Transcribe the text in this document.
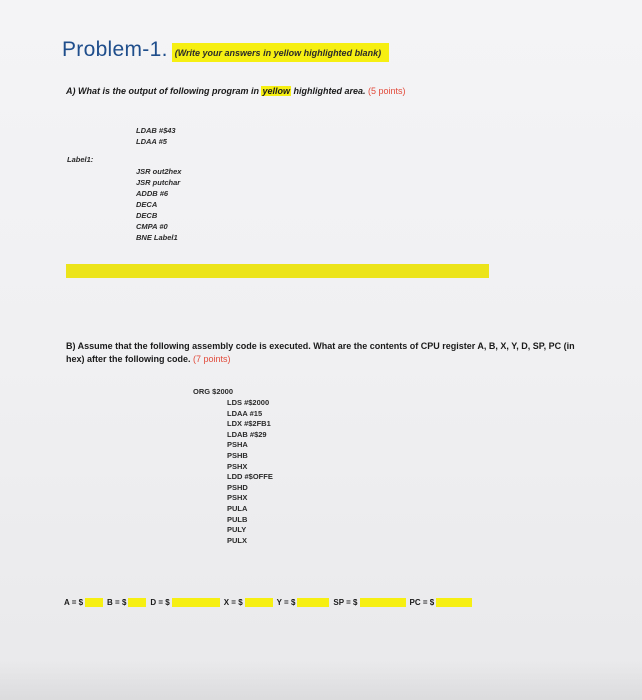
Problem-1. (Write your answers in yellow highlighted blank)
A) What is the output of following program in yellow highlighted area. (5 points)
LDAB #$43
LDAA #5
Label1:
JSR out2hex
JSR putchar
ADDB #6
DECA
DECB
CMPA #0
BNE Label1
B) Assume that the following assembly code is executed. What are the contents of CPU register A, B, X, Y, D, SP, PC (in hex) after the following code. (7 points)
ORG $2000
LDS #$2000
LDAA #15
LDX #$2FB1
LDAB #$29
PSHA
PSHB
PSHX
LDD #$OFFE
PSHD
PSHX
PULA
PULB
PULY
PULX
A = $	B = $	D = $	X = $	Y = $	SP = $	PC = $
